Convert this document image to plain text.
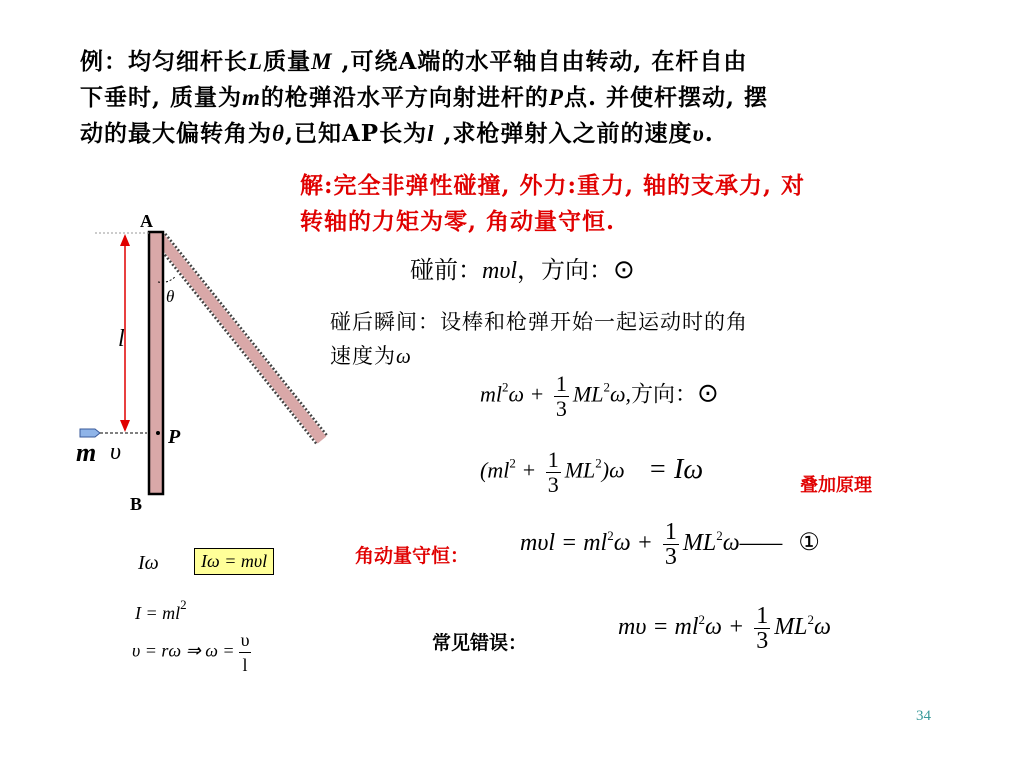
例：均匀细杆长L质量M ,可绕A端的水平轴自由转动, 在杆自由
下垂时, 质量为m的枪弹沿水平方向射进杆的P点. 并使杆摆动, 摆
动的最大偏转角为θ,已知AP长为l ,求枪弹射入之前的速度υ.
解:完全非弹性碰撞, 外力:重力, 轴的支承力, 对
转轴的力矩为零, 角动量守恒.
碰前：mυl，方向：⊙
碰后瞬间：设棒和枪弹开始一起运动时的角
速度为ω
$ml^2\omega + \frac{1}{3} ML^2\omega$,方向：⊙
$(ml^2 + \frac{1}{3} ML^2)\omega = I\omega$
叠加原理
角动量守恒： $m\upsilon l = ml^2\omega + \frac{1}{3}$ $ML^2\omega——$ ①
常见错误：
$m\upsilon = ml^2\omega + \frac{1}{3} ML^2\omega$
Iω	Iω = mυl
$I = ml^2$
υ = rω ⇒ $\omega = \frac{\upsilon}{l}$
A
B
P
l
θ
m υ
34
